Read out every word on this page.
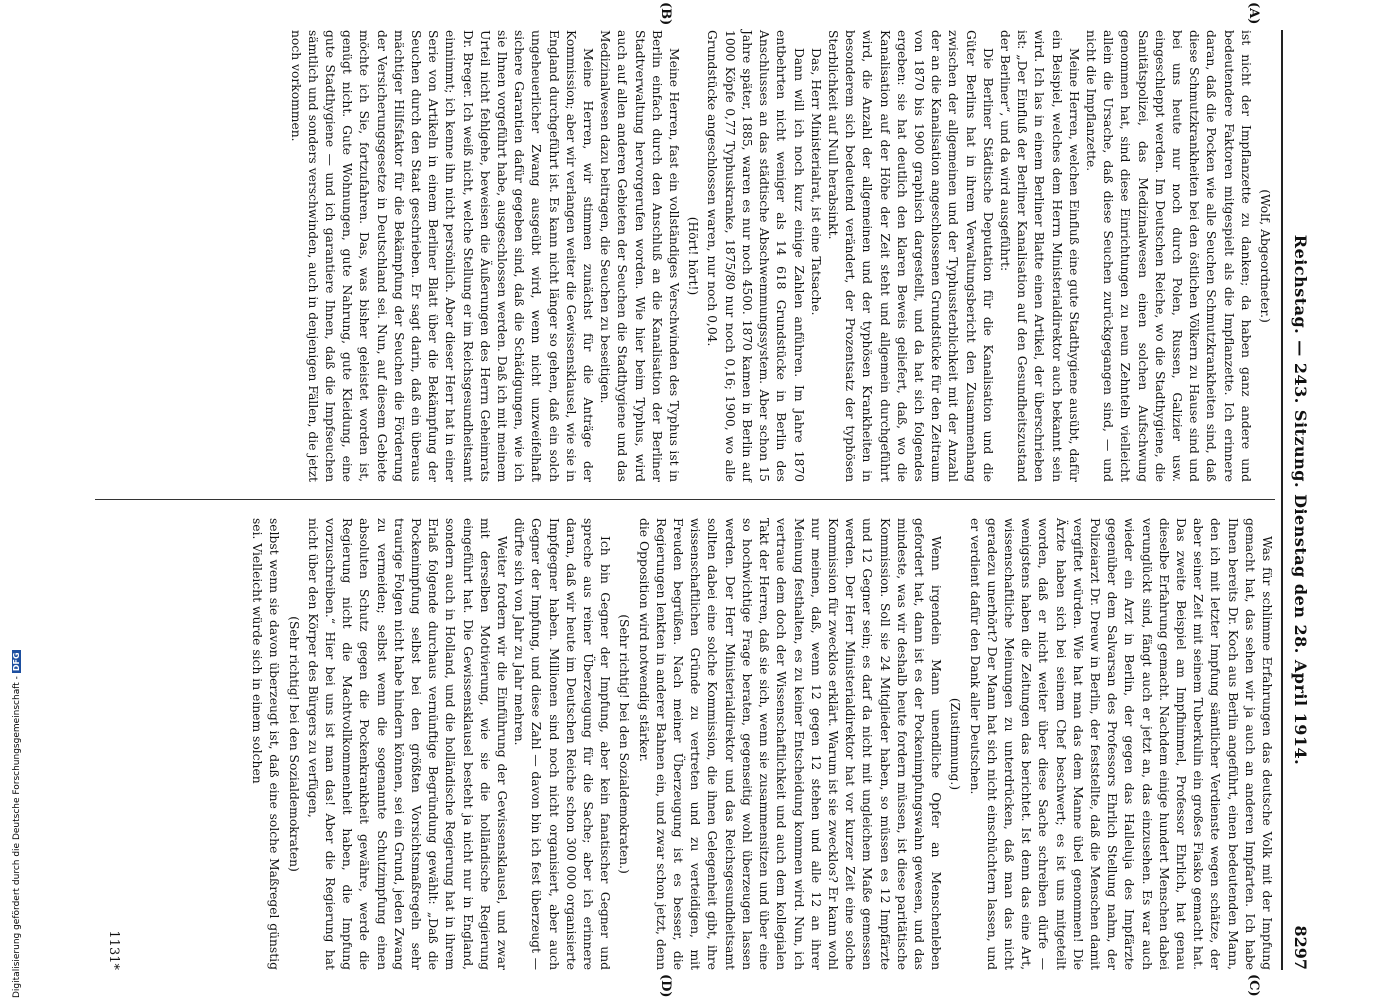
Digitalisierung gefördert durch die Deutsche Forschungsgemeinschaft -DFG	Reichstag. — 243. Sitzung. Dienstag den 28. April 1914.
8297
(A)
(B)
(C)
(D)

(Wolf, Abgeordneter.)

ist nicht der Impflanzette zu danken; da haben ganz andere und bedeutendere Faktoren mitgespielt als die Impflanzette. Ich erinnere daran, daß die Pocken wie alle Seuchen Schmutzkrankheiten sind, daß diese Schmutzkrankheiten bei den östlichen Völkern zu Hause sind und bei uns heute nur noch durch Polen, Russen, Galizier usw. eingeschleppt werden. Im Deutschen Reiche, wo die Stadthygiene, die Sanitätspolizei, das Medizinalwesen einen solchen Aufschwung genommen hat, sind diese Einrichtungen zu neun Zehnteln vielleicht allein die Ursache, daß diese Seuchen zurückgegangen sind, — und nicht die Impflanzette.

Meine Herren, welchen Einfluß eine gute Stadthygiene ausübt, dafür ein Beispiel, welches dem Herrn Ministerialdirektor auch bekannt sein wird. Ich las in einem Berliner Blatte einen Artikel, der überschrieben ist: „Der Einfluß der Berliner Kanalisation auf den Gesundheitszustand der Berliner“, und da wird ausgeführt:

Die Berliner Städtische Deputation für die Kanalisation und die Güter Berlins hat in ihrem Verwaltungsbericht den Zusammenhang zwischen der allgemeinen und der Typhussterblichkeit mit der Anzahl der an die Kanalisation angeschlossenen Grundstücke für den Zeitraum von 1870 bis 1900 graphisch dargestellt, und da hat sich folgendes ergeben: sie hat deutlich den klaren Beweis geliefert, daß, wo die Kanalisation auf der Höhe der Zeit steht und allgemein durchgeführt wird, die Anzahl der allgemeinen und der typhösen Krankheiten in besonderem sich bedeutend verändert, der Prozentsatz der typhösen Sterblichkeit auf Null herabsinkt.

Das, Herr Ministerialrat, ist eine Tatsache.

Dann will ich noch kurz einige Zahlen anführen. Im Jahre 1870 entbehrten nicht weniger als 14 618 Grundstücke in Berlin des Anschlusses an das städtische Abschwemmungssystem. Aber schon 15 Jahre später, 1885, waren es nur noch 4500. 1870 kamen in Berlin auf 1000 Köpfe 0,77 Typhuskranke, 1875/80 nur noch 0,16; 1900, wo alle Grundstücke angeschlossen waren, nur noch 0,04.

(Hört! hört!)

Meine Herren, fast ein vollständiges Verschwinden des Typhus ist in Berlin einfach durch den Anschluß an die Kanalisation der Berliner Stadtverwaltung hervorgerufen worden. Wie hier beim Typhus, wird auch auf allen anderen Gebieten der Seuchen die Stadthygiene und das Medizinalwesen dazu beitragen, die Seuchen zu beseitigen.

Meine Herren, wir stimmen zunächst für die Anträge der Kommission; aber wir verlangen weiter die Gewissensklausel, wie sie in England durchgeführt ist. Es kann nicht länger so gehen, daß ein solch ungeheuerlicher Zwang ausgeübt wird, wenn nicht unzweifelhaft sichere Garantien dafür gegeben sind, daß die Schädigungen, wie ich sie Ihnen vorgeführt habe, ausgeschlossen werden. Daß ich mit meinem Urteil nicht fehlgehe, beweisen die Äußerungen des Herrn Geheimrats Dr. Breger. Ich weiß nicht, welche Stellung er im Reichsgesundheitsamt einnimmt; ich kenne ihn nicht persönlich. Aber dieser Herr hat in einer Serie von Artikeln in einem Berliner Blatt über die Bekämpfung der Seuchen durch den Staat geschrieben. Er sagt darin, daß ein überaus mächtiger Hilfsfaktor für die Bekämpfung der Seuchen die Förderung der Versicherungsgesetze in Deutschland sei. Nun, auf diesem Gebiete möchte ich Sie, fortzufahren. Das, was bisher geleistet worden ist, genügt nicht. Gute Wohnungen, gute Nahrung, gute Kleidung, eine gute Stadthygiene — und ich garantiere Ihnen, daß die Impfseuchen sämtlich und sonders verschwinden, auch in denjenigen Fällen, die jetzt noch vorkommen.

Was für schlimme Erfahrungen das deutsche Volk mit der Impfung gemacht hat, das sehen wir ja auch an anderen Impfarten. Ich habe Ihnen bereits Dr. Koch aus Berlin angeführt, einen bedeutenden Mann, den ich mit letzter Impfung sämtlicher Verdienste wegen schätze, der aber seiner Zeit mit seinem Tuberkulin ein großes Fiasko gemacht hat. Das zweite Beispiel am Impfhimmel, Professor Ehrlich, hat genau dieselbe Erfahrung gemacht. Nachdem einige hundert Menschen dabei verunglückt sind, fängt auch er jetzt an, das einzusehen. Es war auch wieder ein Arzt in Berlin, der gegen das Halleluja des Impfärzte gegenüber dem Salvarsan des Professors Ehrlich Stellung nahm, der Polizeiarzt Dr. Dreuw in Berlin, der feststellte, daß die Menschen damit vergiftet würden. Wie hat man das dem Manne übel genommen! Die Ärzte haben sich bei seinem Chef beschwert; es ist uns mitgeteilt worden, daß er nicht weiter über diese Sache schreiben dürfe — wenigstens haben die Zeitungen das berichtet. Ist denn das eine Art, wissenschaftliche Meinungen zu unterdrücken, daß man das nicht geradezu unerhört? Der Mann hat sich nicht einschüchtern lassen, und er verdient dafür den Dank aller Deutschen.

(Zustimmung.)

Wenn irgendein Mann unendliche Opfer an Menschenleben gefordert hat, dann ist es der Pockenimpfungswahn gewesen, und das mindeste, was wir deshalb heute fordern müssen, ist diese paritätische Kommission. Soll sie 24 Mitglieder haben, so müssen es 12 Impfärzte und 12 Gegner sein; es darf da nicht mit ungleichem Maße gemessen werden. Der Herr Ministerialdirektor hat vor kurzer Zeit eine solche Kommission für zwecklos erklärt. Warum ist sie zwecklos? Er kann wohl nur meinen, daß, wenn 12 gegen 12 stehen und alle 12 an ihrer Meinung festhalten, es zu keiner Entscheidung kommen wird. Nun, ich vertraue dem doch der Wissenschaftlichkeit und auch dem kollegialen Takt der Herren, daß sie sich, wenn sie zusammensitzen und über eine so hochwichtige Frage beraten, gegenseitig wohl überzeugen lassen werden. Der Herr Ministerialdirektor und das Reichsgesundheitsamt sollten dabei eine solche Kommission, die ihnen Gelegenheit gibt, ihre wissenschaftlichen Gründe zu vertreten und zu verteidigen, mit Freuden begrüßen. Nach meiner Überzeugung ist es besser, die Regierungen lenkten in anderer Bahnen ein, und zwar schon jetzt, denn die Opposition wird notwendig stärker.

(Sehr richtig! bei den Sozialdemokraten.)

Ich bin Gegner der Impfung, aber kein fanatischer Gegner und spreche aus reiner Überzeugung für die Sache; aber ich erinnere daran, daß wir heute im Deutschen Reiche schon 300 000 organisierte Impfgegner haben. Millionen sind noch nicht organisiert, aber auch Gegner der Impfung, und diese Zahl — davon bin ich fest überzeugt — dürfte sich von Jahr zu Jahr mehren.

Weiter fordern wir die Einführung der Gewissensklausel, und zwar mit derselben Motivierung, wie sie die holländische Regierung eingeführt hat. Die Gewissensklausel besteht ja nicht nur in England, sondern auch in Holland, und die holländische Regierung hat in ihrem Erlaß folgende durchaus vernünftige Begründung gewählt: „Daß die Pockenimpfung selbst bei den größten Vorsichtsmaßregeln sehr traurige Folgen nicht habe hindern können, sei ein Grund, jeden Zwang zu vermeiden; selbst wenn die sogenannte Schutzimpfung einen absoluten Schutz gegen die Pockenkrankheit gewähre, werde die Regierung nicht die Machtvollkommenheit haben, die Impfung vorzuschreiben.“ Hier bei uns ist man das! Aber die Regierung hat nicht über den Körper des Bürgers zu verfügen,

(Sehr richtig! bei den Sozialdemokraten)

selbst wenn sie davon überzeugt ist, daß eine solche Maßregel günstig sei. Vielleicht würde sich in einem solchen

1131*
